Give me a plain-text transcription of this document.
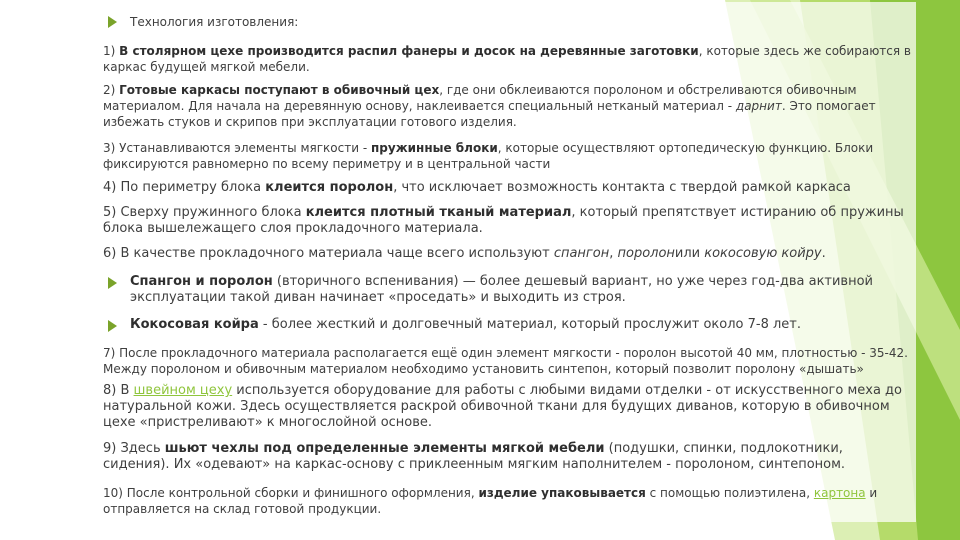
Технология изготовления:
1) В столярном цехе производится распил фанеры и досок на деревянные заготовки, которые здесь же собираются в каркас будущей мягкой мебели.
2) Готовые каркасы поступают в обивочный цех, где они обклеиваются поролоном и обстреливаются обивочным материалом. Для начала на деревянную основу, наклеивается специальный нетканый материал - дарнит. Это помогает избежать стуков и скрипов при эксплуатации готового изделия.
3) Устанавливаются элементы мягкости - пружинные блоки, которые осуществляют ортопедическую функцию. Блоки фиксируются равномерно по всему периметру и в центральной части
4) По периметру блока клеится поролон, что исключает возможность контакта с твердой рамкой каркаса
5) Сверху пружинного блока клеится плотный тканый материал, который препятствует истиранию об пружины блока вышележащего слоя прокладочного материала.
6) В качестве прокладочного материала чаще всего используют спангон, поролонили кокосовую койру.
Спангон и поролон (вторичного вспенивания) — более дешевый вариант, но уже через год-два активной эксплуатации такой диван начинает «проседать» и выходить из строя.
Кокосовая койра - более жесткий и долговечный материал, который прослужит около 7-8 лет.
7) После прокладочного материала располагается ещё один элемент мягкости - поролон высотой 40 мм, плотностью - 35-42. Между поролоном и обивочным материалом необходимо установить синтепон, который позволит поролону «дышать»
8) В швейном цеху используется оборудование для работы с любыми видами отделки - от искусственного меха до натуральной кожи. Здесь осуществляется раскрой обивочной ткани для будущих диванов, которую в обивочном цехе «пристреливают» к многослойной основе.
9) Здесь шьют чехлы под определенные элементы мягкой мебели (подушки, спинки, подлокотники, сидения). Их «одевают» на каркас-основу с приклеенным мягким наполнителем - поролоном, синтепоном.
10) После контрольной сборки и финишного оформления, изделие упаковывается с помощью полиэтилена, картона и отправляется на склад готовой продукции.
